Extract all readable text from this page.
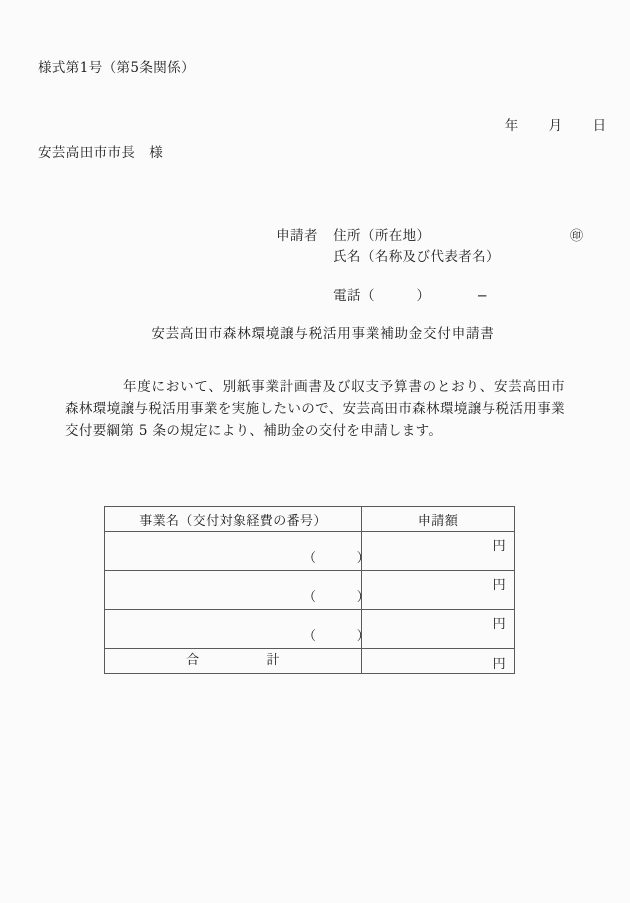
様式第1号（第5条関係）

年 月 日

安芸高田市市長　様

申請者 住所（所在地）

氏名（名称及び代表者名）

㊞

電話（　　　）	−

安芸高田市森林環境譲与税活用事業補助金交付申請書
年度において、別紙事業計画書及び収支予算書のとおり、安芸高田市森林環境譲与税活用事業を実施したいので、安芸高田市森林環境譲与税活用事業交付要綱第 5 条の規定により、補助金の交付を申請します。
事業名（交付対象経費の番号）	申請額

（　　　）	円

（　　　）	円

（　　　）	円

合　　　　　計	円
